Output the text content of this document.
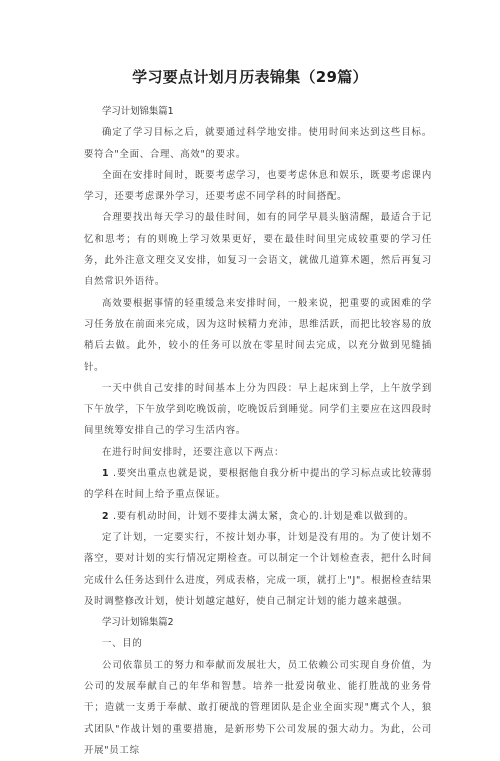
学习要点计划月历表锦集（29篇）

学习计划锦集篇1

确定了学习目标之后，就要通过科学地安排。使用时间来达到这些目标。要符合"全面、合理、高效"的要求。

全面在安排时间时，既要考虑学习，也要考虑休息和娱乐，既要考虑课内学习，还要考虑课外学习，还要考虑不同学科的时间搭配。

合理要找出每天学习的最佳时间，如有的同学早晨头脑清醒，最适合于记忆和思考；有的则晚上学习效果更好，要在最佳时间里完成较重要的学习任务，此外注意文理交叉安排，如复习一会语文，就做几道算术题，然后再复习自然常识外语待。

高效要根据事情的轻重缓急来安排时间，一般来说，把重要的或困难的学习任务放在前面来完成，因为这时候精力充沛，思维活跃，而把比较容易的放稍后去做。此外，较小的任务可以放在零星时间去完成，以充分做到见缝插针。

一天中供自己安排的时间基本上分为四段：早上起床到上学，上午放学到下午放学，下午放学到吃晚饭前，吃晚饭后到睡觉。同学们主要应在这四段时间里统筹安排自己的学习生活内容。

在进行时间安排时，还要注意以下两点：

1 .要突出重点也就是说，要根据他自我分析中提出的学习标点或比较薄弱的学科在时间上给予重点保证。

2 .要有机动时间，计划不要排太满太紧，贪心的.计划是难以做到的。

定了计划，一定要实行，不按计划办事，计划是没有用的。为了使计划不落空，要对计划的实行情况定期检查。可以制定一个计划检查表，把什么时间完成什么任务达到什么进度，列成表格，完成一项，就打上"J"。根据检查结果及时调整修改计划，使计划越定越好，使自己制定计划的能力越来越强。

学习计划锦集篇2

一、目的

公司依靠员工的努力和奉献而发展壮大，员工依赖公司实现自身价值，为公司的发展奉献自己的年华和智慧。培养一批爱岗敬业、能打胜战的业务骨干；造就一支勇于奉献、敢打硬战的管理团队是企业全面实现"鹰式个人，狼式团队"作战计划的重要措施，是新形势下公司发展的强大动力。为此，公司开展"员工综
